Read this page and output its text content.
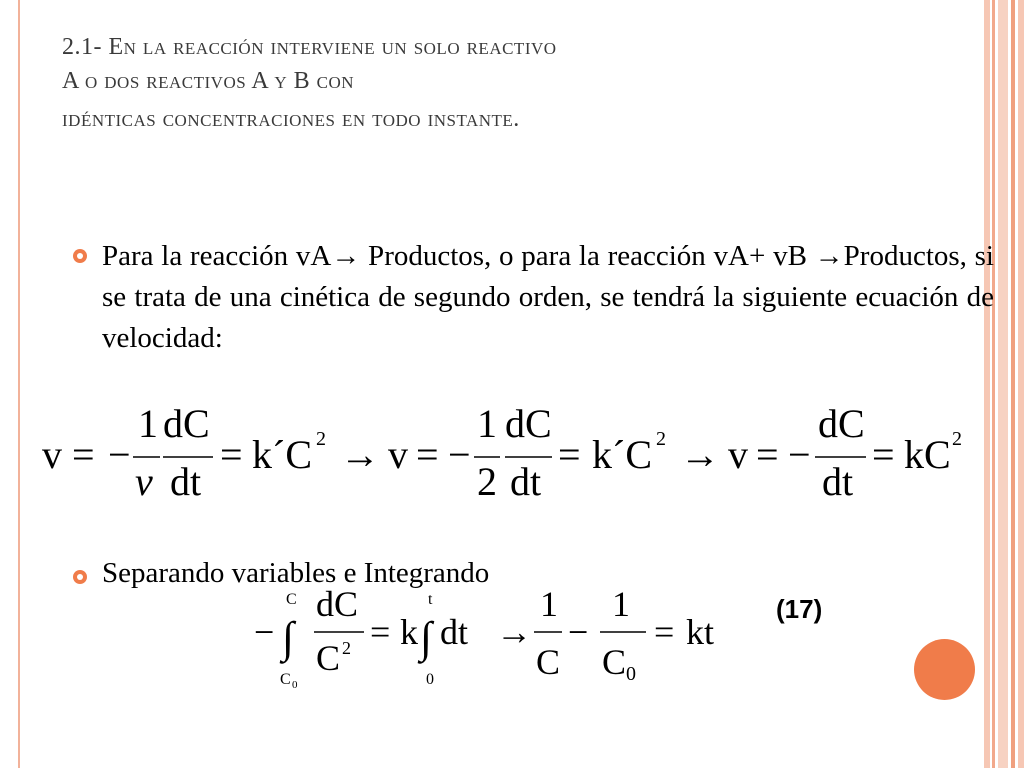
2.1- En la reacción interviene un solo reactivo
A o dos reactivos A y B con
idénticas concentraciones en todo instante.
Para la reacción vA→ Productos, o para la reacción vA+ vB →Productos, si se trata de una cinética de segundo orden, se tendrá la siguiente ecuación de velocidad:
v = −
1
ν
dC
dt
= k´C 2 → v = −
1
2
dC
dt
= k´C 2 → v = −
dC
dt
= kC 2
Separando variables e Integrando
− ∫
C
C 0
dC
C 2 = k ∫
t
0
dt →
1
C
−
1
C 0
= kt
(17)
